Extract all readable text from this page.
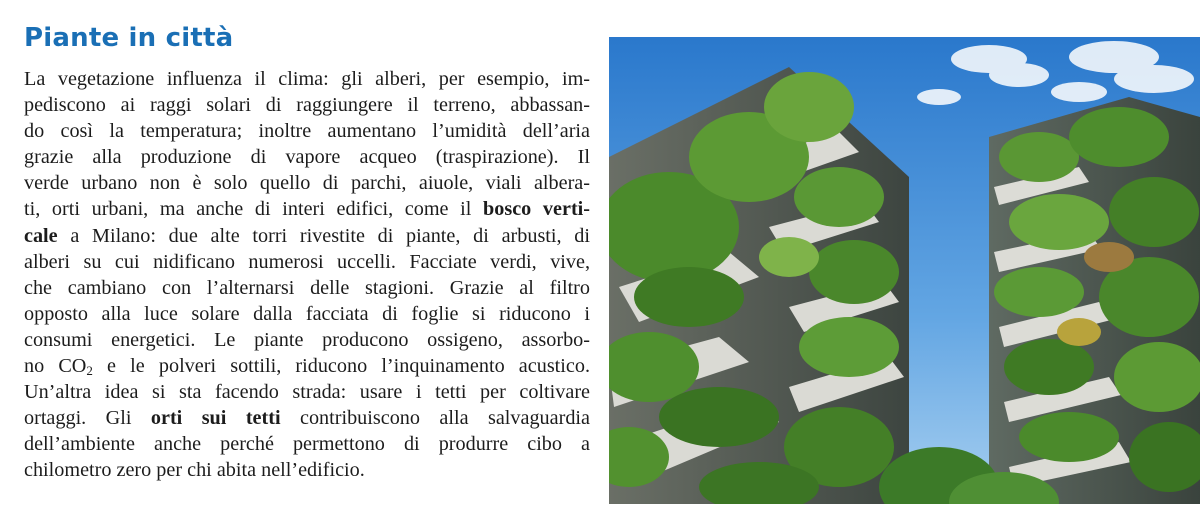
Piante in città
La vegetazione influenza il clima: gli alberi, per esempio, im-
pediscono ai raggi solari di raggiungere il terreno, abbassan-
do così la temperatura; inoltre aumentano l’umidità dell’aria
grazie alla produzione di vapore acqueo (traspirazione). Il
verde urbano non è solo quello di parchi, aiuole, viali albera-
ti, orti urbani, ma anche di interi edifici, come il bosco verti-
cale a Milano: due alte torri rivestite di piante, di arbusti, di
alberi su cui nidificano numerosi uccelli. Facciate verdi, vive,
che cambiano con l’alternarsi delle stagioni. Grazie al filtro
opposto alla luce solare dalla facciata di foglie si riducono i
consumi energetici. Le piante producono ossigeno, assorbo-
no $CO_2$ e le polveri sottili, riducono l’inquinamento acustico.
Un’altra idea si sta facendo strada: usare i tetti per coltivare
ortaggi. Gli orti sui tetti contribuiscono alla salvaguardia
dell’ambiente anche perché permettono di produrre cibo a
chilometro zero per chi abita nell’edificio.
